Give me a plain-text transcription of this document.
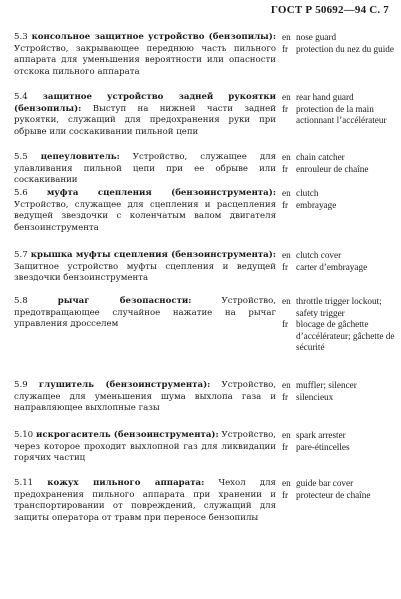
ГОСТ Р 50692—94 С. 7
5.3 консольное защитное устройство (бензопилы): Устройство, закрывающее переднюю часть пильного аппарата для уменьшения вероятности или опасности отскока пильного аппарата
en nose guard
fr protection du nez du guide
5.4 защитное устройство задней рукоятки (бензопилы): Выступ на нижней части задней рукоятки, служащий для предохранения руки при обрыве или соскакивании пильной цепи
en rear hand guard
fr protection de la main actionnant l’accélérateur
5.5 цепеуловитель: Устройство, служащее для улавливания пильной цепи при ее обрыве или соскакивании
en chain catcher
fr enrouleur de chaîne
5.6 муфта сцепления (бензоинструмента): Устройство, служащее для сцепления и расцепления ведущей звездочки с коленчатым валом двигателя бензоинструмента
en clutch
fr embrayage
5.7 крышка муфты сцепления (бензоинструмента): Защитное устройство муфты сцепления и ведущей звездочки бензоинструмента
en clutch cover
fr carter d’embrayage
5.8	рычаг безопасности:	Устройство, предотвращающее случайное нажатие на рычаг управления дросселем
en throttle trigger lockout; safety trigger
fr blocage de gâchette d’accélérateur; gâchette de sécurité
5.9 глушитель (бензоинструмента): Устройство, служащее для уменьшения шума выхлопа газа и направляющее выхлопные газы
en muffler; silencer
fr silencieux
5.10 искрогаситель (бензоинструмента): Устройство, через которое проходит выхлопной газ для ликвидации горячих частиц
en spark arrester
fr pare-étincelles
5.11 кожух пильного аппарата: Чехол для предохранения пильного аппарата при хранении и транспортировании от повреждений, служащий для защиты оператора от травм при переносе бензопилы
en guide bar cover
fr protecteur de chaîne
